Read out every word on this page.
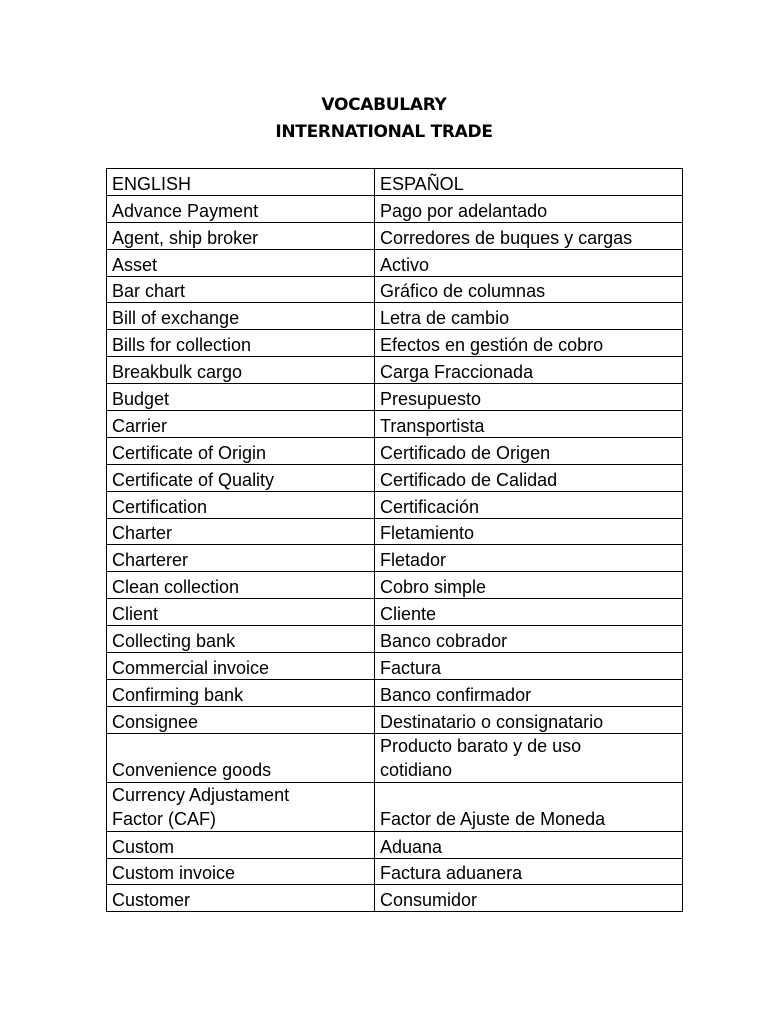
VOCABULARY
INTERNATIONAL TRADE
ENGLISH	ESPAÑOL
Advance Payment	Pago por adelantado
Agent, ship broker	Corredores de buques y cargas
Asset	Activo
Bar chart	Gráfico de columnas
Bill of exchange	Letra de cambio
Bills for collection	Efectos en gestión de cobro
Breakbulk cargo	Carga Fraccionada
Budget	Presupuesto
Carrier	Transportista
Certificate of Origin	Certificado de Origen
Certificate of Quality	Certificado de Calidad
Certification	Certificación
Charter	Fletamiento
Charterer	Fletador
Clean collection	Cobro simple
Client	Cliente
Collecting bank	Banco cobrador
Commercial invoice	Factura
Confirming bank	Banco confirmador
Consignee	Destinatario o consignatario
Convenience goods	Producto barato y de uso
cotidiano
Currency Adjustament
Factor (CAF)	Factor de Ajuste de Moneda
Custom	Aduana
Custom invoice	Factura aduanera
Customer	Consumidor
